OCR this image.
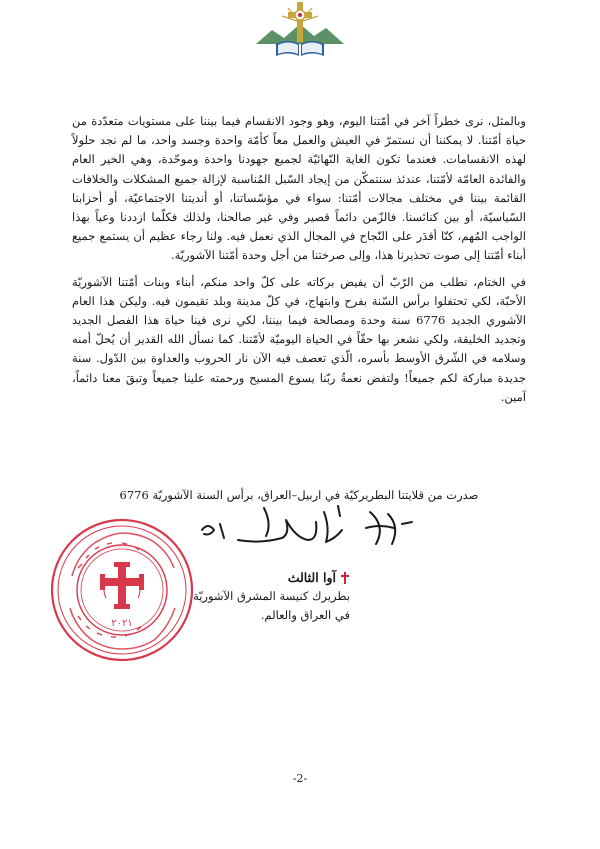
وبالمثل، نرى خطراً آخر في أمّتنا اليوم، وهو وجود الانقسام فيما بيننا على مستويات متعدّدة من حياة أمّتنا. لا يمكننا أن نستمرّ في العيش والعمل معاً كأمّة واحدة وجسد واحد، ما لم نجد حلولاً لهذه الانقسامات. فعندما تكون الغاية النّهائيّة لجميع جهودنا واحدة وموحّدة، وهي الخير العام والفائدة العامّة لأمّتنا، عندئذ سنتمكّن من إيجاد السّبل المُناسبة لإزالة جميع المشكلات والخلافات القائمة بيننا في مختلف مجالات أمّتنا: سواء في مؤسّساتنا، أو أنديتنا الاجتماعيّة، أو أحزابنا السّياسيّة، أو بين كنائسنا. فالزّمن دائماً قصير وفي غير صالحنا، ولذلك فكلّما ازددنا وعياً بهذا الواجب المُهم، كنّا أقدَر على النّجاح في المجال الذي نعمل فيه. ولنا رجاء عظيم أن يستمع جميع أبناء أمّتنا إلى صوت تحذيرنا هذا، وإلى صرختنا من أجل وحدة أمّتنا الآشوريّة.

في الختام، نطلب من الرّبّ أن يفيض بركاته على كلّ واحد منكم، أبناء وبنات أمّتنا الآشوريّة الأحبّة، لكي تحتفلوا برأس السّنة بفرح وابتهاج، في كلّ مدينة وبلد تقيمون فيه. وليكن هذا العام الآشوري الجديد 6776 سنة وحدة ومصالحة فيما بيننا، لكي نرى فينا حياة هذا الفصل الجديد وتجديد الخليقة، ولكي نشعر بها حقّاً في الحياة اليوميّة لأمّتنا. كما نسأل الله القدير أن يُحلّ أمنه وسلامه في الشّرق الأوسط بأسره، الّذي تعصف فيه الآن نار الحروب والعداوة بين الدّول. سنة جديدة مباركة لكم جميعاً! ولتفض نعمةُ ربّنا يسوع المسيح ورحمته علينا جميعاً وتبقَ معنا دائماً، آمين.

صدرت من قلايتنا البطريركيّة في اربيل–العراق، برأس السنة الآشوريّة 6776
٢٠٢١
آوا الثالث
بطريرك كنيسة المشرق الآشوريّة
في العراق والعالم.
-2-
